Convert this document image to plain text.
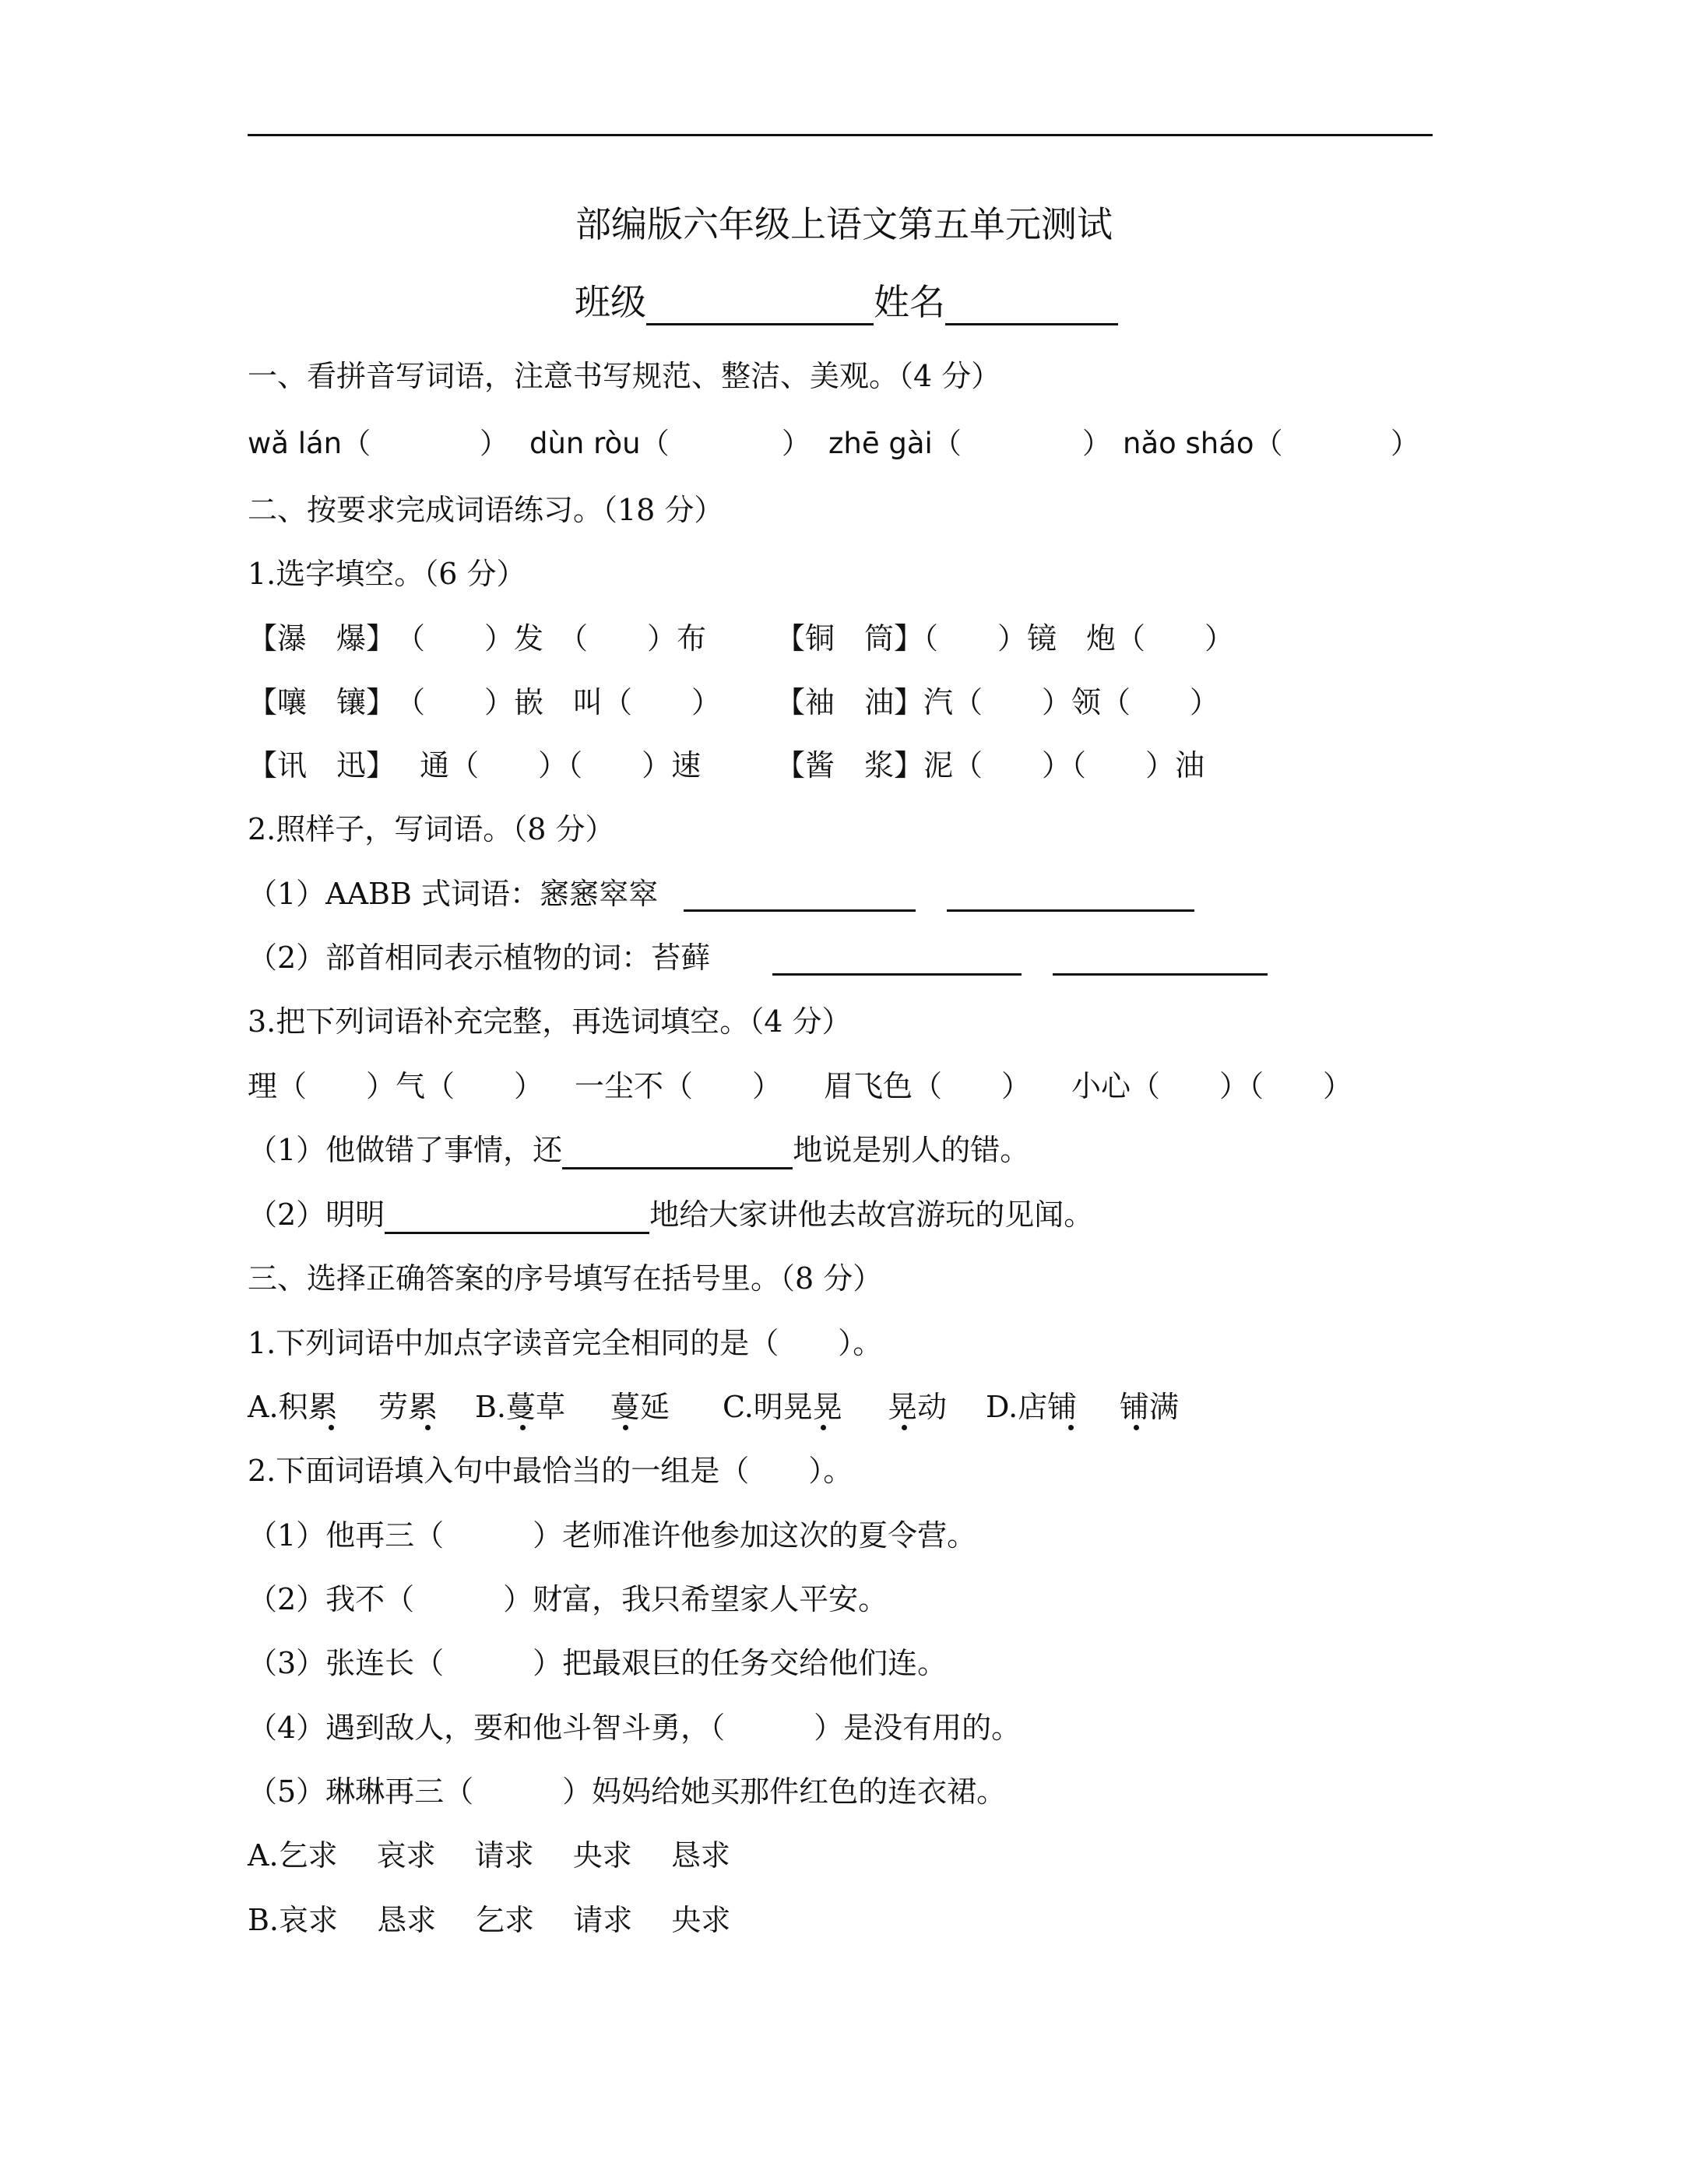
部编版六年级上语文第五单元测试
班级	姓名
一、看拼音写词语，注意书写规范、整洁、美观。（4 分）
wǎ lán（	） dùn ròu（	） zhē gài（	） nǎo sháo（	）
二、按要求完成词语练习。（18 分）
1.选字填空。（6 分）
【瀑　爆】　（　　）发　（　　）布 【铜　筒】（　　）镜　炮（　　）
【嚷　镶】　（　　）嵌　叫（　　） 【袖　油】汽（　　）领（　　）
【讯　迅】　 通（　　）（　　）速	【酱　浆】泥（　　）（　　）油
2.照样子，写词语。（8 分）
（1）AABB 式词语：窸窸窣窣
（2）部首相同表示植物的词：苔藓
3.把下列词语补充完整，再选词填空。（4 分）
理（　　）气（　　） 一尘不（　　） 眉飞色（　　） 小心（　　）（　　）
（1）他做错了事情，还	地说是别人的错。
（2）明明	地给大家讲他去故宫游玩的见闻。
三、选择正确答案的序号填写在括号里。（8 分）
1.下列词语中加点字读音完全相同的是（　　）。
A.积累 劳累 B.蔓草 蔓延 C.明晃晃 晃动 D.店铺 铺满
2.下面词语填入句中最恰当的一组是（　　）。
（1）他再三（　　　）老师准许他参加这次的夏令营。
（2）我不（　　　）财富，我只希望家人平安。
（3）张连长（　　　）把最艰巨的任务交给他们连。
（4）遇到敌人，要和他斗智斗勇，（　　　）是没有用的。
（5）琳琳再三（　　　）妈妈给她买那件红色的连衣裙。
A.乞求　 哀求　 请求　 央求　 恳求
B.哀求　 恳求　 乞求　 请求　 央求
